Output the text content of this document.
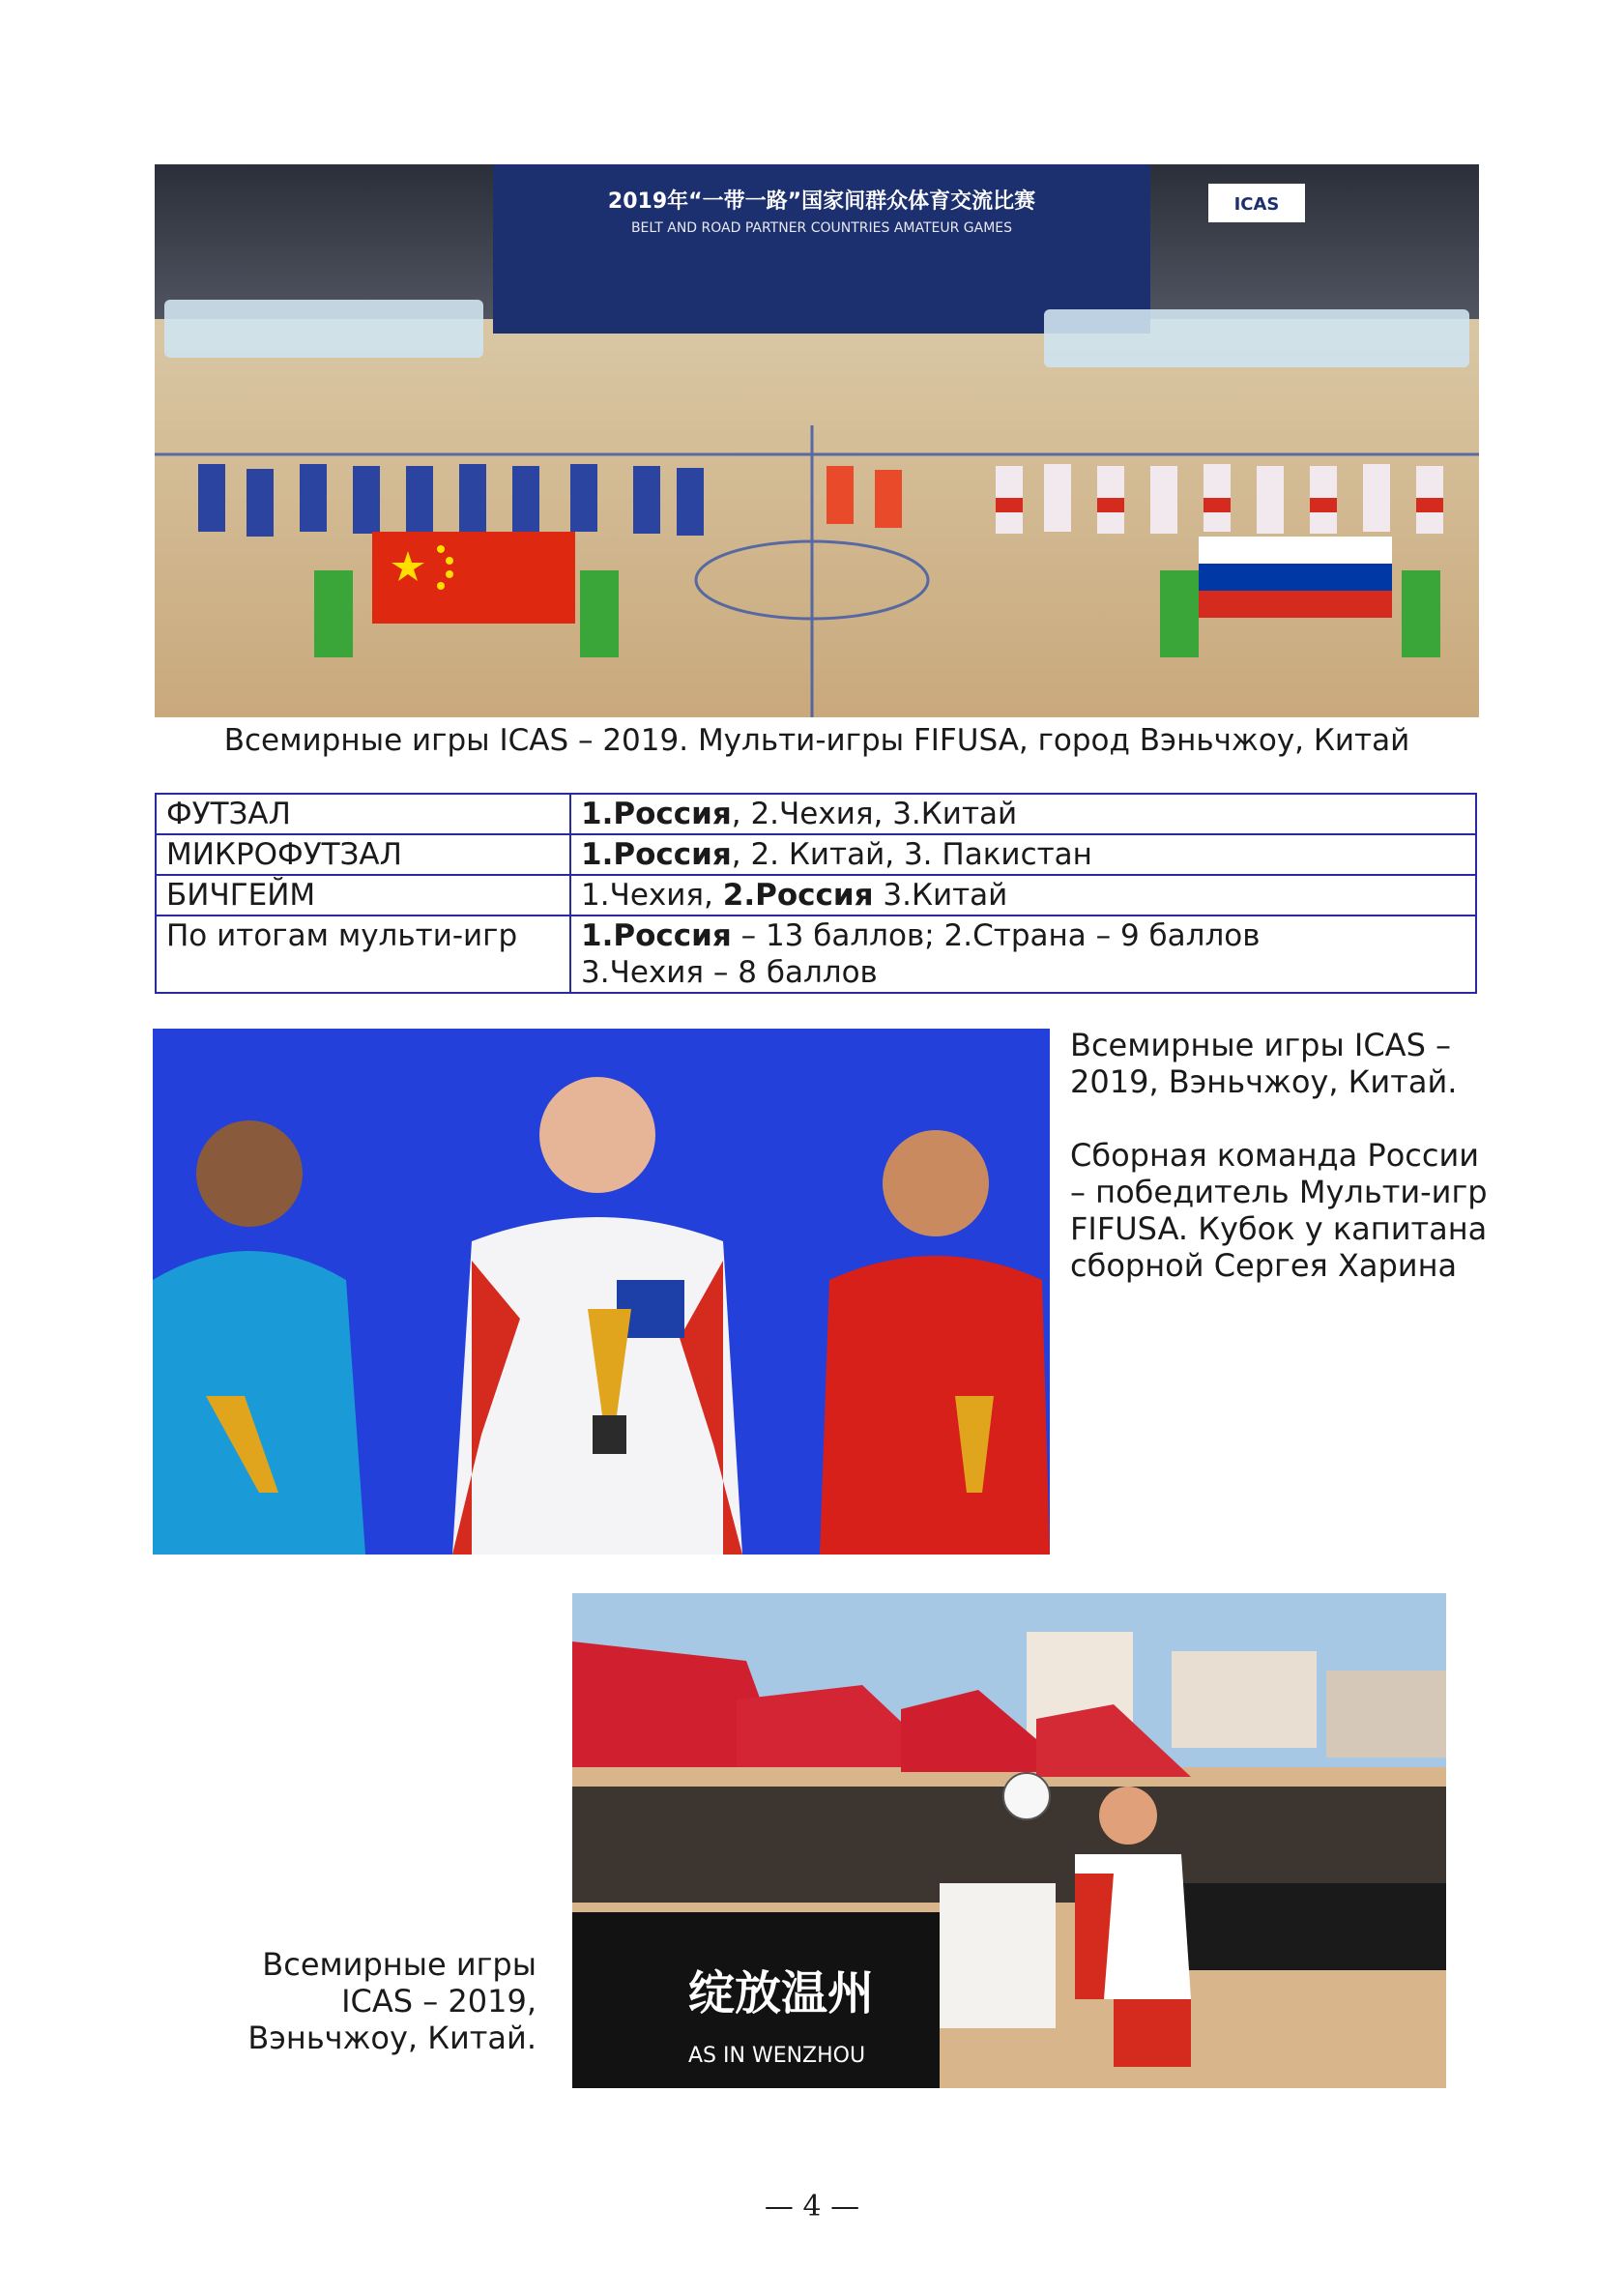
2019年“一带一路”国家间群众体育交流比赛
BELT AND ROAD PARTNER COUNTRIES AMATEUR GAMES
ICAS
Всемирные игры ICAS – 2019. Мульти-игры FIFUSA, город Вэньчжоу, Китай
ФУТЗАЛ	1.Россия, 2.Чехия, 3.Китай
МИКРОФУТЗАЛ	1.Россия, 2. Китай, 3. Пакистан
БИЧГЕЙМ	1.Чехия, 2.Россия 3.Китай
По итогам мульти-игр	1.Россия – 13 баллов; 2.Страна – 9 баллов
3.Чехия – 8 баллов

Всемирные игры ICAS – 2019, Вэньчжоу, Китай.

Сборная команда России – победитель Мульти-игр FIFUSA. Кубок у капитана сборной Сергея Харина

绽放温州
AS IN WENZHOU
Всемирные игры ICAS – 2019, Вэньчжоу, Китай.
— 4 —
